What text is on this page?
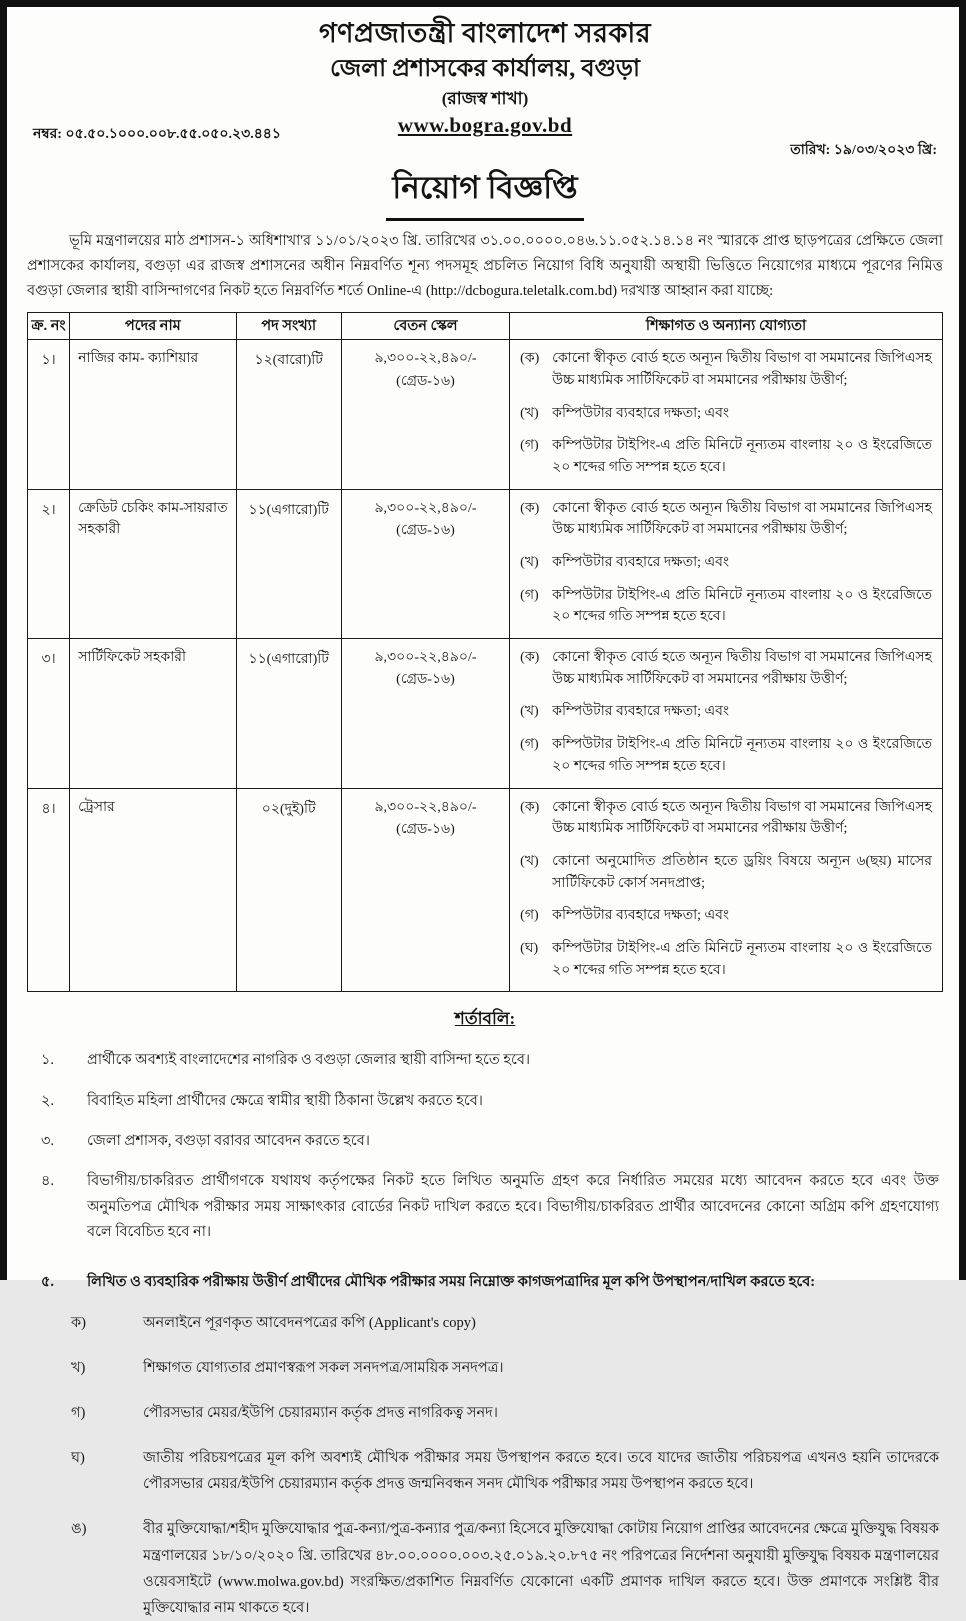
গণপ্রজাতন্ত্রী বাংলাদেশ সরকার
জেলা প্রশাসকের কার্যালয়, বগুড়া
(রাজস্ব শাখা)
www.bogra.gov.bd
নম্বর: ০৫.৫০.১০০০.০০৮.৫৫.০৫০.২৩.৪৪১
তারিখ: ১৯/০৩/২০২৩ খ্রি:
নিয়োগ বিজ্ঞপ্তি

ভূমি মন্ত্রণালয়ের মাঠ প্রশাসন-১ অধিশাখা'র ১১/০১/২০২৩ খ্রি. তারিখের ৩১.০০.০০০০.০৪৬.১১.০৫২.১৪.১৪ নং স্মারকে প্রাপ্ত ছাড়পত্রের প্রেক্ষিতে জেলা প্রশাসকের কার্যালয়, বগুড়া এর রাজস্ব প্রশাসনের অধীন নিম্নবর্ণিত শূন্য পদসমূহ প্রচলিত নিয়োগ বিধি অনুযায়ী অস্থায়ী ভিত্তিতে নিয়োগের মাধ্যমে পূরণের নিমিত্ত বগুড়া জেলার স্থায়ী বাসিন্দাগণের নিকট হতে নিম্নবর্ণিত শর্তে Online-এ (http://dcbogura.teletalk.com.bd) দরখাস্ত আহ্বান করা যাচ্ছে:

ক্র. নং	পদের নাম	পদ সংখ্যা	বেতন স্কেল	শিক্ষাগত ও অন্যান্য যোগ্যতা
১।	নাজির কাম- ক্যাশিয়ার	১২(বারো)টি	৯,৩০০-২২,৪৯০/-
(গ্রেড-১৬)

(ক) কোনো স্বীকৃত বোর্ড হতে অন্যূন দ্বিতীয় বিভাগ বা সমমানের জিপিএসহ উচ্চ মাধ্যমিক সার্টিফিকেট বা সমমানের পরীক্ষায় উত্তীর্ণ;
(খ) কম্পিউটার ব্যবহারে দক্ষতা; এবং
(গ) কম্পিউটার টাইপিং-এ প্রতি মিনিটে নূন্যতম বাংলায় ২০ ও ইংরেজিতে ২০ শব্দের গতি সম্পন্ন হতে হবে।

২।	ক্রেডিট চেকিং কাম-সায়রাত সহকারী	১১(এগারো)টি	৯,৩০০-২২,৪৯০/-
(গ্রেড-১৬)

(ক) কোনো স্বীকৃত বোর্ড হতে অন্যূন দ্বিতীয় বিভাগ বা সমমানের জিপিএসহ উচ্চ মাধ্যমিক সার্টিফিকেট বা সমমানের পরীক্ষায় উত্তীর্ণ;
(খ) কম্পিউটার ব্যবহারে দক্ষতা; এবং
(গ) কম্পিউটার টাইপিং-এ প্রতি মিনিটে নূন্যতম বাংলায় ২০ ও ইংরেজিতে ২০ শব্দের গতি সম্পন্ন হতে হবে।

৩।	সার্টিফিকেট সহকারী	১১(এগারো)টি	৯,৩০০-২২,৪৯০/-
(গ্রেড-১৬)

(ক) কোনো স্বীকৃত বোর্ড হতে অন্যূন দ্বিতীয় বিভাগ বা সমমানের জিপিএসহ উচ্চ মাধ্যমিক সার্টিফিকেট বা সমমানের পরীক্ষায় উত্তীর্ণ;
(খ) কম্পিউটার ব্যবহারে দক্ষতা; এবং
(গ) কম্পিউটার টাইপিং-এ প্রতি মিনিটে নূন্যতম বাংলায় ২০ ও ইংরেজিতে ২০ শব্দের গতি সম্পন্ন হতে হবে।

৪।	ট্রেসার	০২(দুই)টি	৯,৩০০-২২,৪৯০/-
(গ্রেড-১৬)

(ক) কোনো স্বীকৃত বোর্ড হতে অন্যূন দ্বিতীয় বিভাগ বা সমমানের জিপিএসহ উচ্চ মাধ্যমিক সার্টিফিকেট বা সমমানের পরীক্ষায় উত্তীর্ণ;
(খ) কোনো অনুমোদিত প্রতিষ্ঠান হতে ড্রয়িং বিষয়ে অন্যূন ৬(ছয়) মাসের সার্টিফিকেট কোর্স সনদপ্রাপ্ত;
(গ) কম্পিউটার ব্যবহারে দক্ষতা; এবং
(ঘ)	কম্পিউটার টাইপিং-এ প্রতি মিনিটে নূন্যতম বাংলায় ২০ ও ইংরেজিতে ২০ শব্দের গতি সম্পন্ন হতে হবে।
শর্তাবলি:
১.	প্রার্থীকে অবশ্যই বাংলাদেশের নাগরিক ও বগুড়া জেলার স্থায়ী বাসিন্দা হতে হবে।
২.	বিবাহিত মহিলা প্রার্থীদের ক্ষেত্রে স্বামীর স্থায়ী ঠিকানা উল্লেখ করতে হবে।
৩.	জেলা প্রশাসক, বগুড়া বরাবর আবেদন করতে হবে।
৪.	বিভাগীয়/চাকরিরত প্রার্থীগণকে যথাযথ কর্তৃপক্ষের নিকট হতে লিখিত অনুমতি গ্রহণ করে নির্ধারিত সময়ের মধ্যে আবেদন করতে হবে এবং উক্ত অনুমতিপত্র মৌখিক পরীক্ষার সময় সাক্ষাৎকার বোর্ডের নিকট দাখিল করতে হবে। বিভাগীয়/চাকরিরত প্রার্থীর আবেদনের কোনো অগ্রিম কপি গ্রহণযোগ্য বলে বিবেচিত হবে না।
৫.	লিখিত ও ব্যবহারিক পরীক্ষায় উত্তীর্ণ প্রার্থীদের মৌখিক পরীক্ষার সময় নিম্নোক্ত কাগজপত্রাদির মূল কপি উপস্থাপন/দাখিল করতে হবে:
ক)	অনলাইনে পূরণকৃত আবেদনপত্রের কপি (Applicant's copy)
খ)	শিক্ষাগত যোগ্যতার প্রমাণস্বরূপ সকল সনদপত্র/সাময়িক সনদপত্র।
গ)	পৌরসভার মেয়র/ইউপি চেয়ারম্যান কর্তৃক প্রদত্ত নাগরিকত্ব সনদ।
ঘ)	জাতীয় পরিচয়পত্রের মূল কপি অবশ্যই মৌখিক পরীক্ষার সময় উপস্থাপন করতে হবে। তবে যাদের জাতীয় পরিচয়পত্র এখনও হয়নি তাদেরকে পৌরসভার মেয়র/ইউপি চেয়ারম্যান কর্তৃক প্রদত্ত জন্মনিবন্ধন সনদ মৌখিক পরীক্ষার সময় উপস্থাপন করতে হবে।
ঙ)	বীর মুক্তিযোদ্ধা/শহীদ মুক্তিযোদ্ধার পুত্র-কন্যা/পুত্র-কন্যার পুত্র/কন্যা হিসেবে মুক্তিযোদ্ধা কোটায় নিয়োগ প্রাপ্তির আবেদনের ক্ষেত্রে মুক্তিযুদ্ধ বিষয়ক মন্ত্রণালয়ের ১৮/১০/২০২০ খ্রি. তারিখের ৪৮.০০.০০০০.০০৩.২৫.০১৯.২০.৮৭৫ নং পরিপত্রের নির্দেশনা অনুযায়ী মুক্তিযুদ্ধ বিষয়ক মন্ত্রণালয়ের ওয়েবসাইটে (www.molwa.gov.bd) সংরক্ষিত/প্রকাশিত নিম্নবর্ণিত যেকোনো একটি প্রমাণক দাখিল করতে হবে। উক্ত প্রমাণকে সংশ্লিষ্ট বীর মুক্তিযোদ্ধার নাম থাকতে হবে।
